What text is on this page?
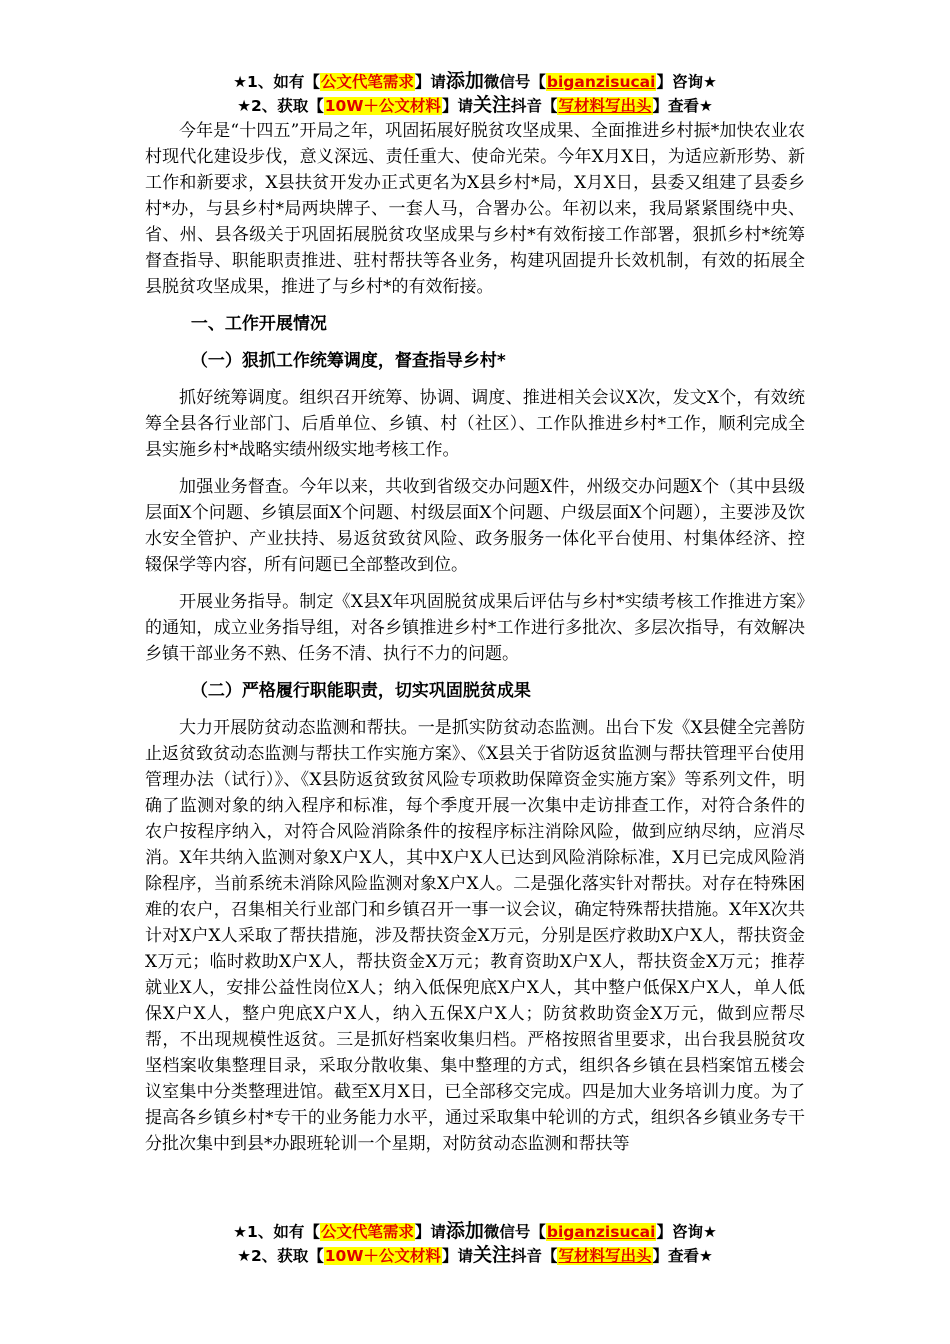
★1、如有【公文代笔需求】请添加微信号【biganzisucai】咨询★
★2、获取【10W＋公文材料】请关注抖音【写材料写出头】查看★

今年是“十四五”开局之年，巩固拓展好脱贫攻坚成果、全面推进乡村振*加快农业农村现代化建设步伐，意义深远、责任重大、使命光荣。今年X月X日，为适应新形势、新工作和新要求，X县扶贫开发办正式更名为X县乡村*局，X月X日，县委又组建了县委乡村*办，与县乡村*局两块牌子、一套人马，合署办公。年初以来，我局紧紧围绕中央、省、州、县各级关于巩固拓展脱贫攻坚成果与乡村*有效衔接工作部署，狠抓乡村*统筹督查指导、职能职责推进、驻村帮扶等各业务，构建巩固提升长效机制，有效的拓展全县脱贫攻坚成果，推进了与乡村*的有效衔接。

一、工作开展情况

（一）狠抓工作统筹调度，督查指导乡村*

抓好统筹调度。组织召开统筹、协调、调度、推进相关会议X次，发文X个，有效统筹全县各行业部门、后盾单位、乡镇、村（社区）、工作队推进乡村*工作，顺利完成全县实施乡村*战略实绩州级实地考核工作。

加强业务督查。今年以来，共收到省级交办问题X件，州级交办问题X个（其中县级层面X个问题、乡镇层面X个问题、村级层面X个问题、户级层面X个问题），主要涉及饮水安全管护、产业扶持、易返贫致贫风险、政务服务一体化平台使用、村集体经济、控辍保学等内容，所有问题已全部整改到位。

开展业务指导。制定《X县X年巩固脱贫成果后评估与乡村*实绩考核工作推进方案》的通知，成立业务指导组，对各乡镇推进乡村*工作进行多批次、多层次指导，有效解决乡镇干部业务不熟、任务不清、执行不力的问题。

（二）严格履行职能职责，切实巩固脱贫成果

大力开展防贫动态监测和帮扶。一是抓实防贫动态监测。出台下发《X县健全完善防止返贫致贫动态监测与帮扶工作实施方案》、《X县关于省防返贫监测与帮扶管理平台使用管理办法（试行）》、《X县防返贫致贫风险专项救助保障资金实施方案》等系列文件，明确了监测对象的纳入程序和标准，每个季度开展一次集中走访排查工作，对符合条件的农户按程序纳入，对符合风险消除条件的按程序标注消除风险，做到应纳尽纳，应消尽消。X年共纳入监测对象X户X人，其中X户X人已达到风险消除标准，X月已完成风险消除程序，当前系统未消除风险监测对象X户X人。二是强化落实针对帮扶。对存在特殊困难的农户，召集相关行业部门和乡镇召开一事一议会议，确定特殊帮扶措施。X年X次共计对X户X人采取了帮扶措施，涉及帮扶资金X万元，分别是医疗救助X户X人，帮扶资金X万元；临时救助X户X人，帮扶资金X万元；教育资助X户X人，帮扶资金X万元；推荐就业X人，安排公益性岗位X人；纳入低保兜底X户X人，其中整户低保X户X人，单人低保X户X人，整户兜底X户X人，纳入五保X户X人；防贫救助资金X万元，做到应帮尽帮，不出现规模性返贫。三是抓好档案收集归档。严格按照省里要求，出台我县脱贫攻坚档案收集整理目录，采取分散收集、集中整理的方式，组织各乡镇在县档案馆五楼会议室集中分类整理进馆。截至X月X日，已全部移交完成。四是加大业务培训力度。为了提高各乡镇乡村*专干的业务能力水平，通过采取集中轮训的方式，组织各乡镇业务专干分批次集中到县*办跟班轮训一个星期，对防贫动态监测和帮扶等

★1、如有【公文代笔需求】请添加微信号【biganzisucai】咨询★
★2、获取【10W＋公文材料】请关注抖音【写材料写出头】查看★
